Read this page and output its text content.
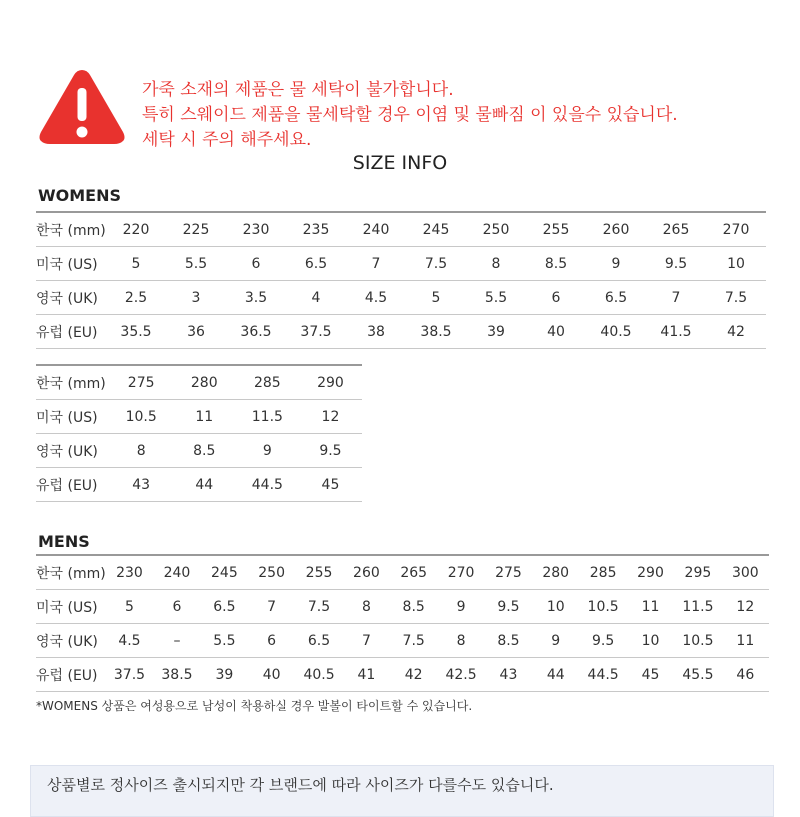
가죽 소재의 제품은 물 세탁이 불가합니다.
특히 스웨이드 제품을 물세탁할 경우 이염 및 물빠짐 이 있을수 있습니다.
세탁 시 주의 해주세요.
SIZE INFO
WOMENS
한국 (mm)	220	225	230	235	240	245	250	255	260	265	270
미국 (US)	5	5.5	6	6.5	7	7.5	8	8.5	9	9.5	10
영국 (UK)	2.5	3	3.5	4	4.5	5	5.5	6	6.5	7	7.5
유럽 (EU)	35.5	36	36.5	37.5	38	38.5	39	40	40.5	41.5	42
한국 (mm)	275	280	285	290
미국 (US)	10.5	11	11.5	12
영국 (UK)	8	8.5	9	9.5
유럽 (EU)	43	44	44.5	45
MENS
한국 (mm)	230	240	245	250	255	260	265	270	275	280	285	290	295	300
미국 (US)	5	6	6.5	7	7.5	8	8.5	9	9.5	10	10.5	11	11.5	12
영국 (UK)	4.5	–	5.5	6	6.5	7	7.5	8	8.5	9	9.5	10	10.5	11
유럽 (EU)	37.5	38.5	39	40	40.5	41	42	42.5	43	44	44.5	45	45.5	46
*WOMENS 상품은 여성용으로 남성이 착용하실 경우 발볼이 타이트할 수 있습니다.
상품별로 정사이즈 출시되지만 각 브랜드에 따라 사이즈가 다를수도 있습니다.
